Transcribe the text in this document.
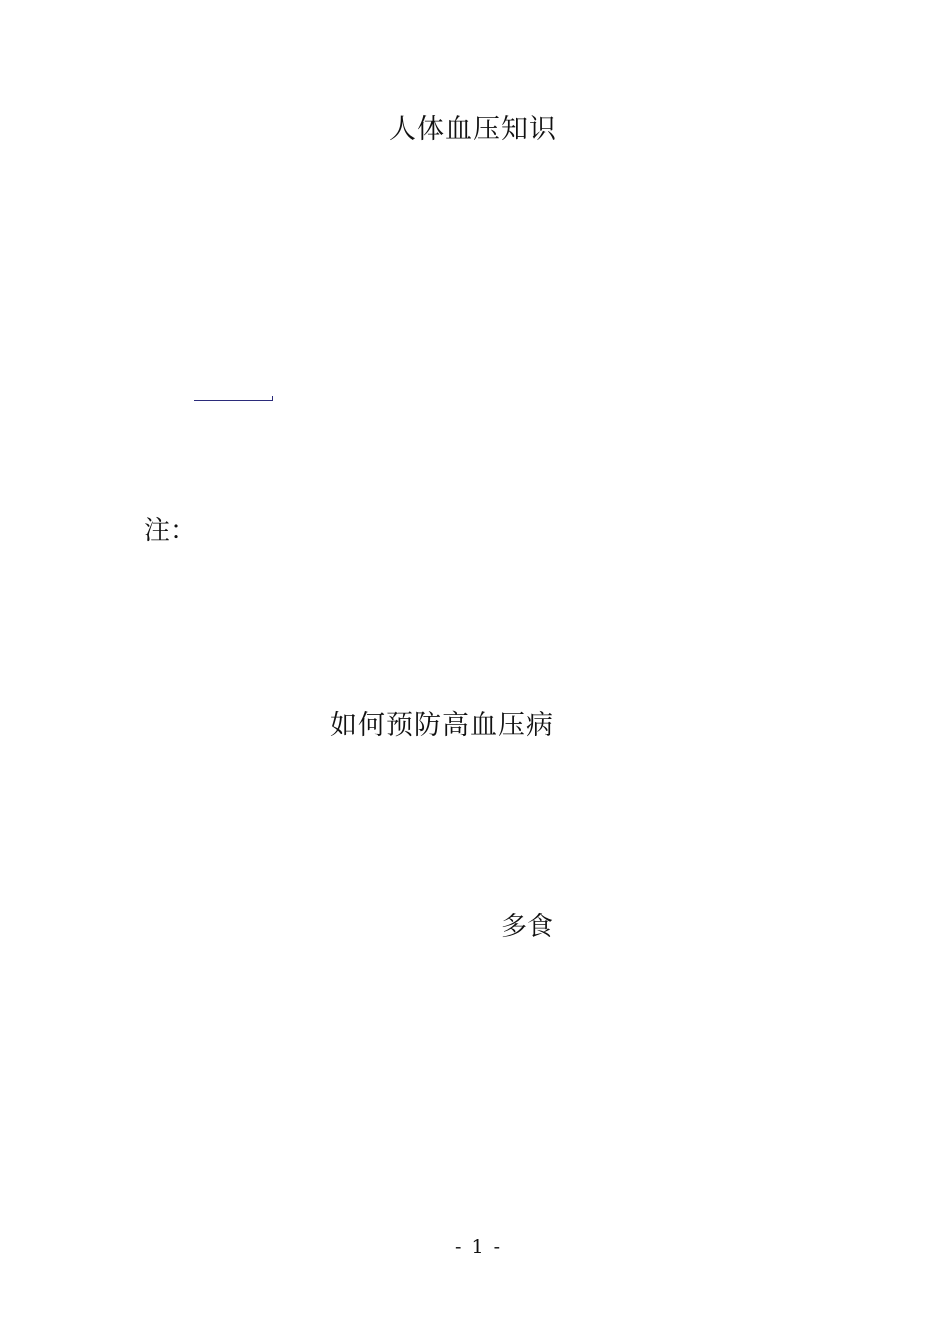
人体血压知识
注：
如何预防高血压病
多食
- 1 -
